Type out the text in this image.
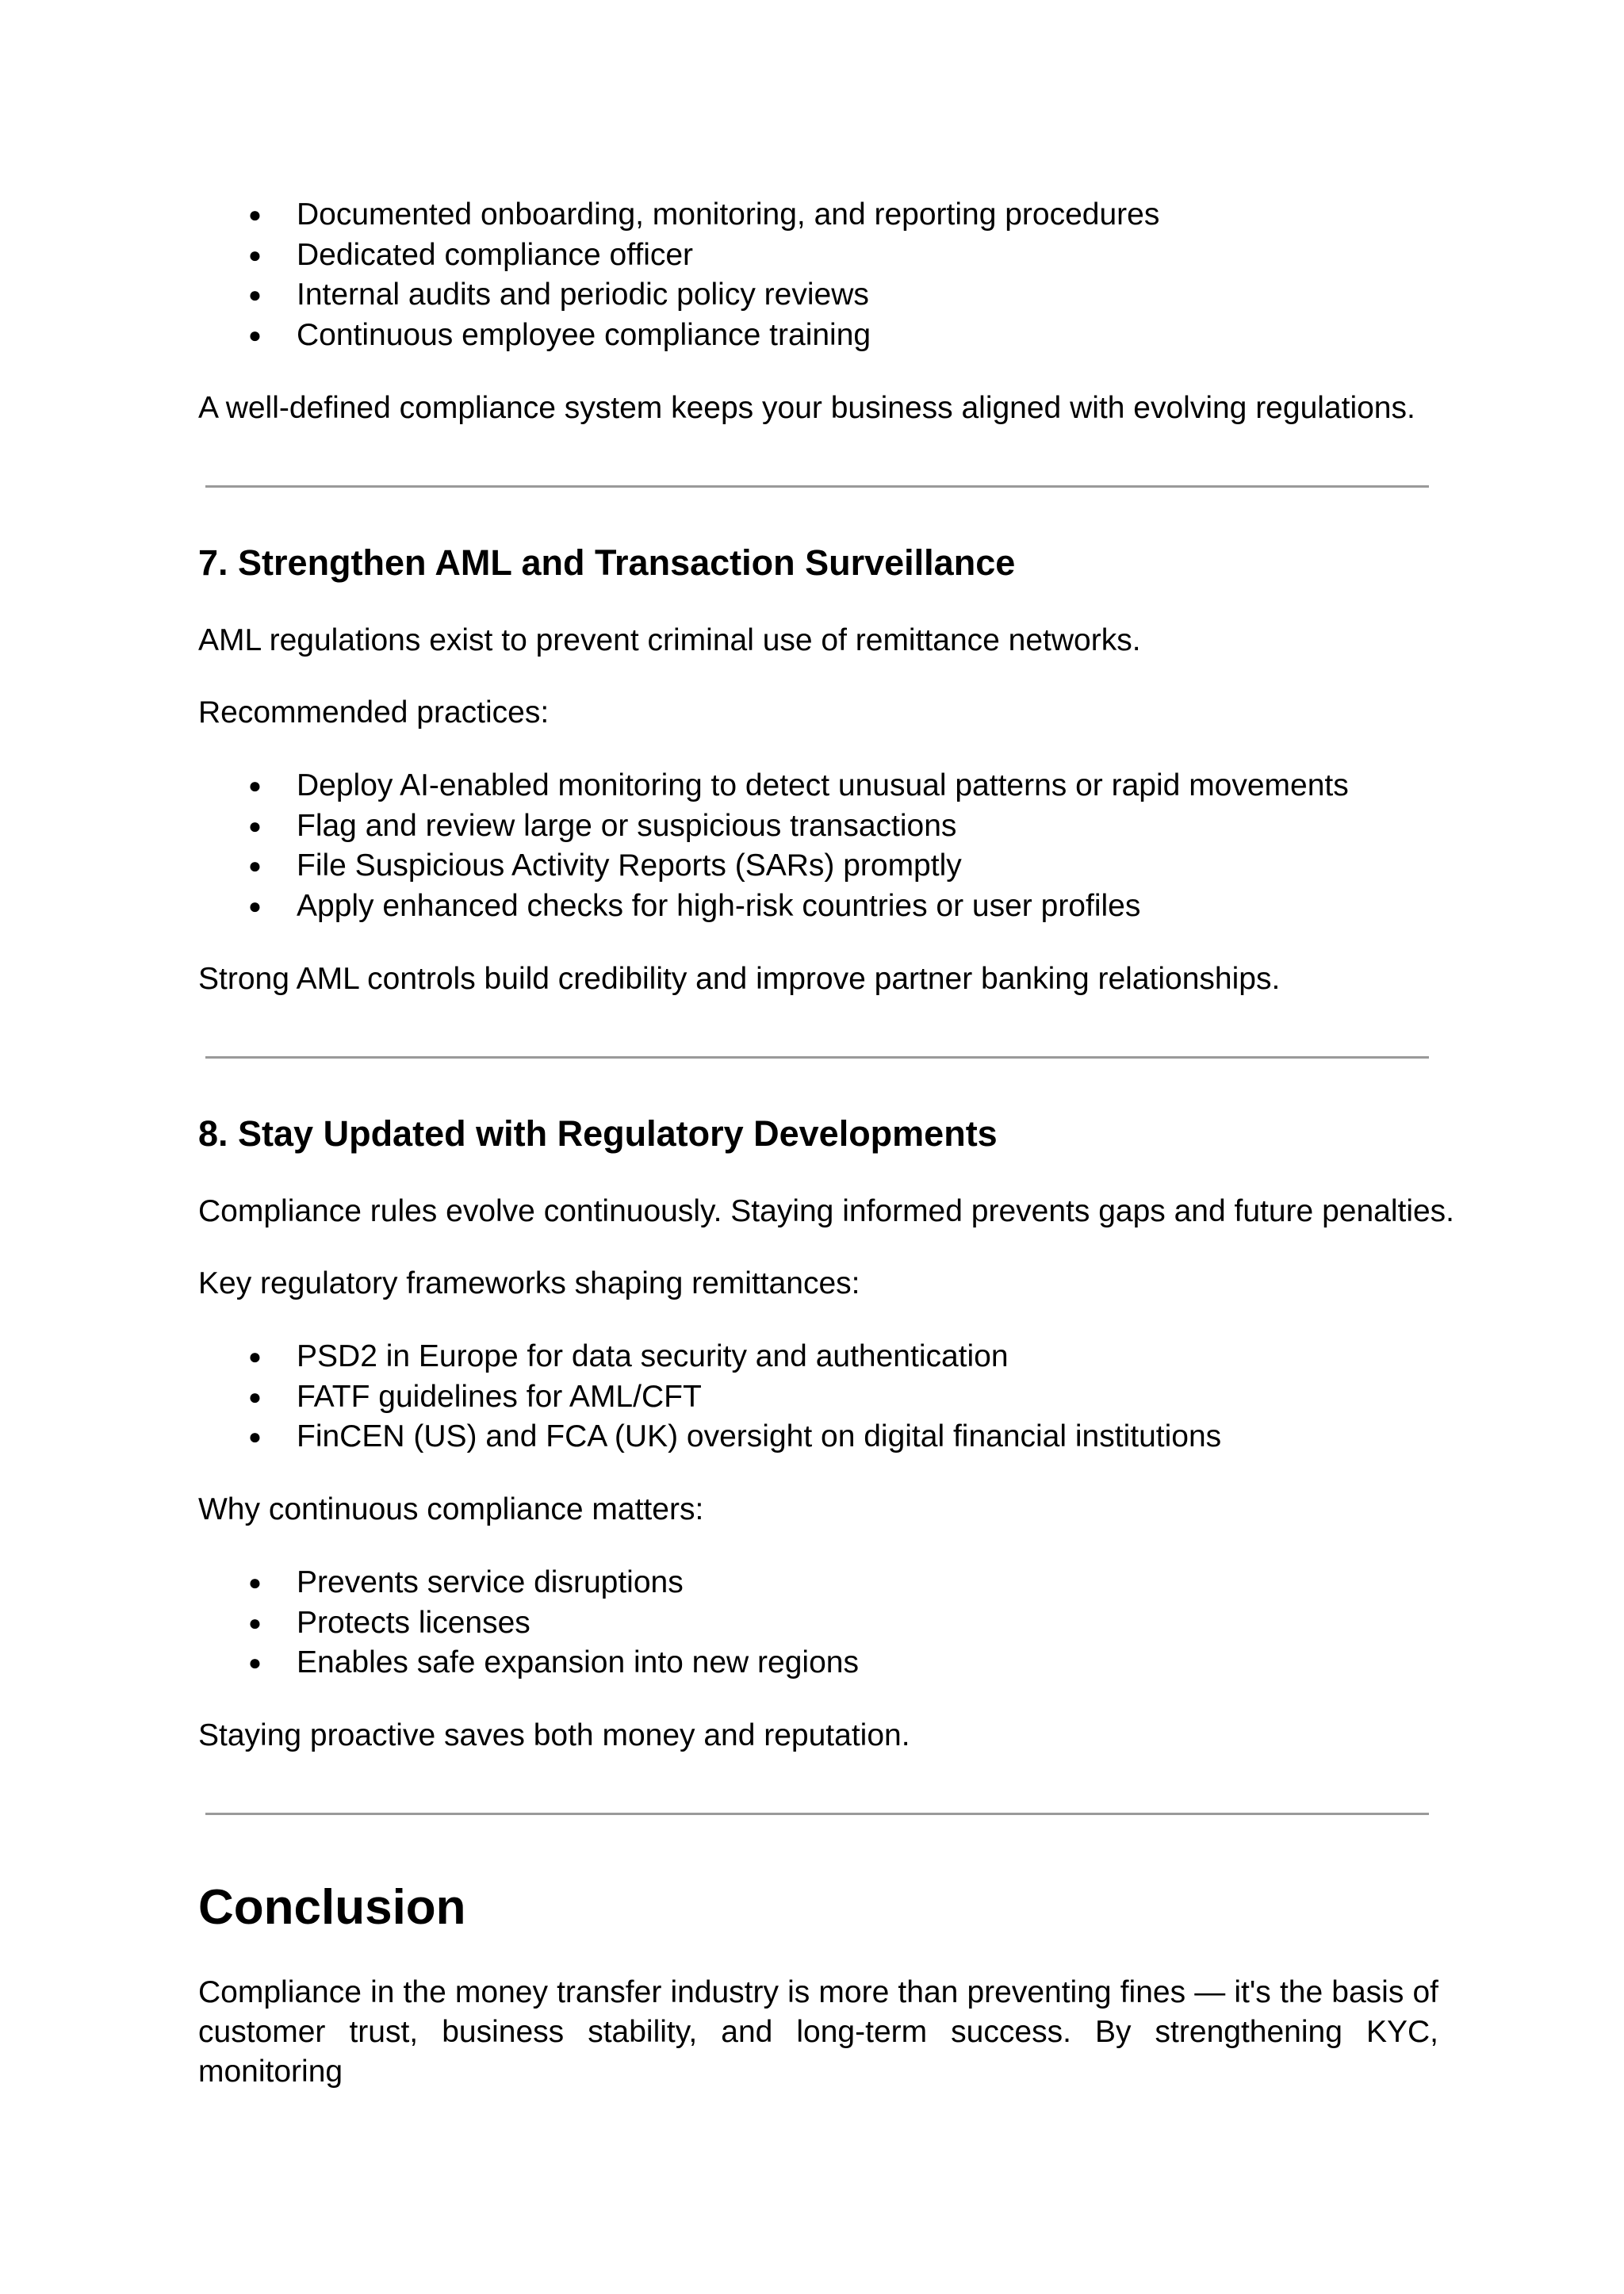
● Documented onboarding, monitoring, and reporting procedures
● Dedicated compliance officer
● Internal audits and periodic policy reviews
● Continuous employee compliance training

A well-defined compliance system keeps your business aligned with evolving regulations.

7. Strengthen AML and Transaction Surveillance

AML regulations exist to prevent criminal use of remittance networks.

Recommended practices:

● Deploy AI-enabled monitoring to detect unusual patterns or rapid movements
● Flag and review large or suspicious transactions
● File Suspicious Activity Reports (SARs) promptly
● Apply enhanced checks for high-risk countries or user profiles

Strong AML controls build credibility and improve partner banking relationships.

8. Stay Updated with Regulatory Developments

Compliance rules evolve continuously. Staying informed prevents gaps and future penalties.

Key regulatory frameworks shaping remittances:

● PSD2 in Europe for data security and authentication
● FATF guidelines for AML/CFT
● FinCEN (US) and FCA (UK) oversight on digital financial institutions

Why continuous compliance matters:

● Prevents service disruptions
● Protects licenses
● Enables safe expansion into new regions

Staying proactive saves both money and reputation.

Conclusion
Compliance in the money transfer industry is more than preventing fines — it's the basis of
customer trust, business stability, and long-term success. By strengthening KYC, monitoring
